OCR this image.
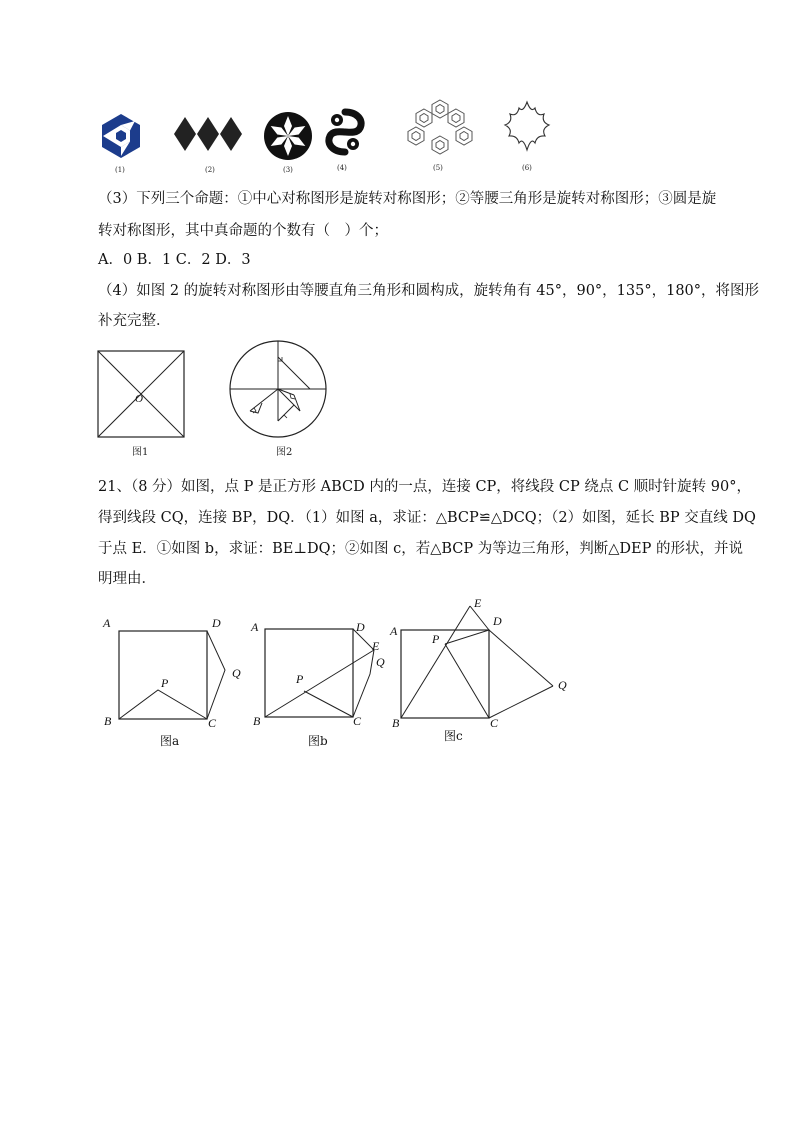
(1)	(2)	(3)	(4)	(5)	(6)
（3）下列三个命题：①中心对称图形是旋转对称图形；②等腰三角形是旋转对称图形；③圆是旋
转对称图形，其中真命题的个数有（　）个；
A．0 B．1 C．2 D．3
（4）如图 2 的旋转对称图形由等腰直角三角形和圆构成，旋转角有 45°，90°，135°，180°，将图形
补充完整．
O
图1	图2
21、（8 分）如图，点 P 是正方形 ABCD 内的一点，连接 CP，将线段 CP 绕点 C 顺时针旋转 90°，
得到线段 CQ，连接 BP，DQ．（1）如图 a，求证：△BCP≌△DCQ；（2）如图，延长 BP 交直线 DQ
于点 E．①如图 b，求证：BE⊥DQ；②如图 c，若△BCP 为等边三角形，判断△DEP 的形状，并说
明理由．
A	D
Q
P
B	C
图a
A	D
E
Q
P
B	C
图b
E
A
D
P
Q
B	C
图c
